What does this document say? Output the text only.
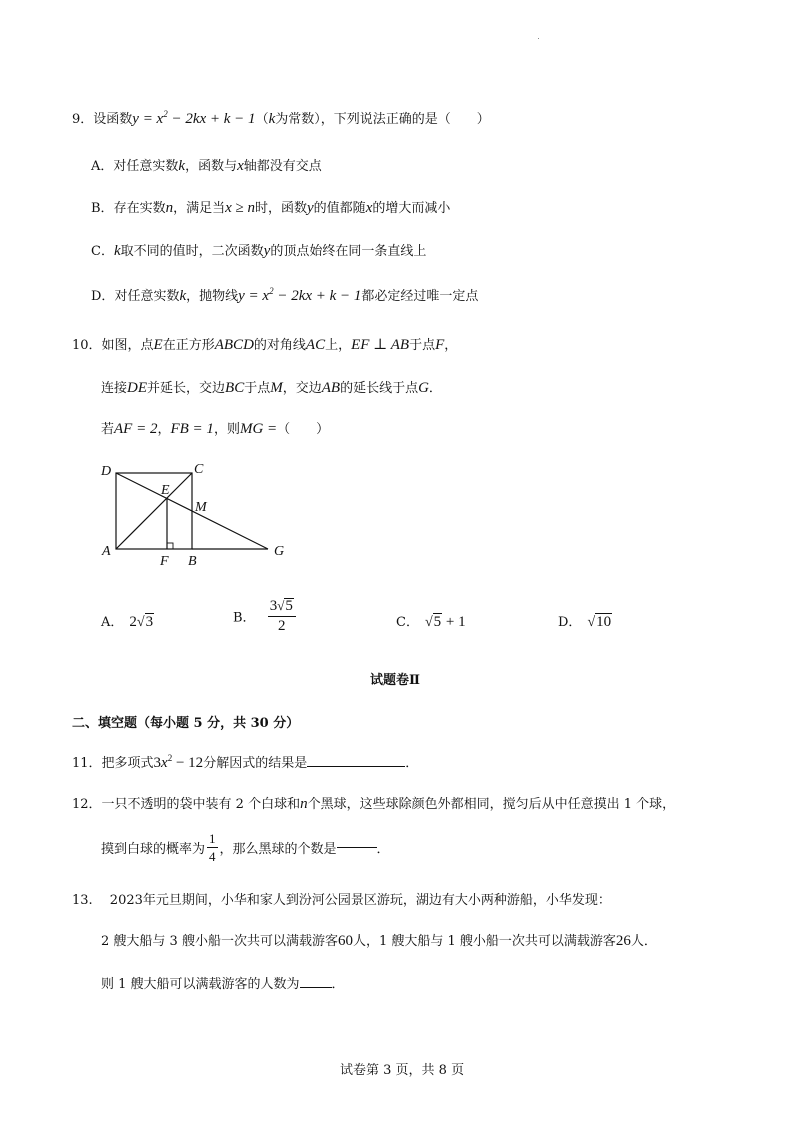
9．设函数$y = x^2 - 2kx + k - 1(k$为常数），下列说法正确的是（　　）
A．对任意实数k，函数与x轴都没有交点
B．存在实数n，满足当x ≥ n时，函数y的值都随x的增大而减小
C．k取不同的值时，二次函数y的顶点始终在同一条直线上
D．对任意实数k，抛物线$y = x^2 - 2kx + k - 1$都必定经过唯一定点
10．如图，点E在正方形ABCD的对角线AC上，EF ⊥ AB于点F，
连接DE并延长，交边BC于点M，交边AB的延长线于点G．
若AF = 2，FB = 1，则MG =（　　）
D	C
E
M
A
F B
G
A． 2√3	B． $\frac{3√5}{2}$	C． √5 + 1	D． √10
试题卷Ⅱ
二、填空题（每小题 5 分，共 30 分）
11．把多项式$3x^2 - 12$分解因式的结果是	．
12．一只不透明的袋中装有 2 个白球和n个黑球，这些球除颜色外都相同，搅匀后从中任意摸出 1 个球，
摸到白球的概率为 $\frac{1}{4}$ ，那么黑球的个数是	．
13.　 2023年元旦期间，小华和家人到汾河公园景区游玩，湖边有大小两种游船，小华发现：
2 艘大船与 3 艘小船一次共可以满载游客60人，1 艘大船与 1 艘小船一次共可以满载游客26人．
则 1 艘大船可以满载游客的人数为 ．
试卷第 3 页，共 8 页
